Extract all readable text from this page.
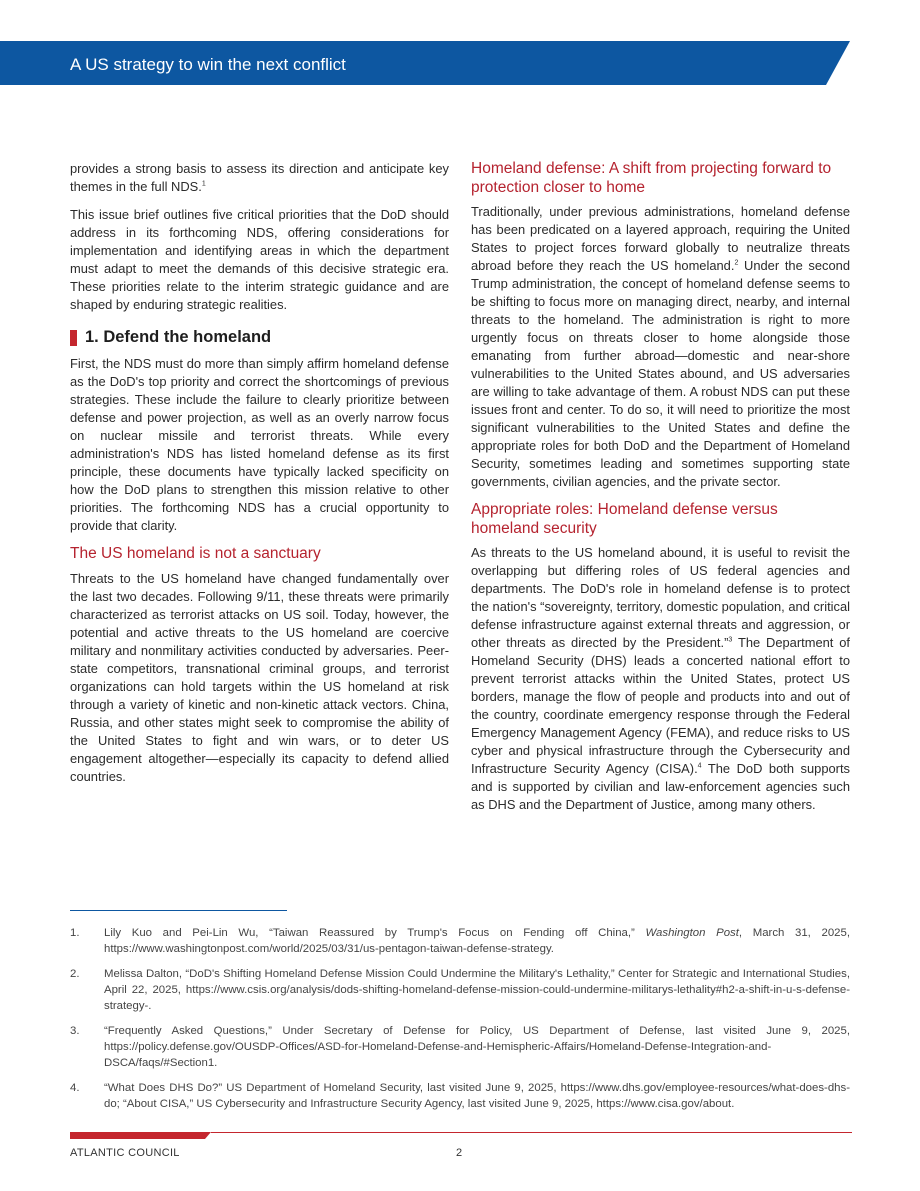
A US strategy to win the next conflict

provides a strong basis to assess its direction and anticipate key themes in the full NDS.$^1$

This issue brief outlines five critical priorities that the DoD should address in its forthcoming NDS, offering considerations for implementation and identifying areas in which the department must adapt to meet the demands of this decisive strategic era. These priorities relate to the interim strategic guidance and are shaped by enduring strategic realities.

1. Defend the homeland

First, the NDS must do more than simply affirm homeland defense as the DoD's top priority and correct the shortcomings of previous strategies. These include the failure to clearly prioritize between defense and power projection, as well as an overly narrow focus on nuclear missile and terrorist threats. While every administration's NDS has listed homeland defense as its first principle, these documents have typically lacked specificity on how the DoD plans to strengthen this mission relative to other priorities. The forthcoming NDS has a crucial opportunity to provide that clarity.

The US homeland is not a sanctuary

Threats to the US homeland have changed fundamentally over the last two decades. Following 9/11, these threats were primarily characterized as terrorist attacks on US soil. Today, however, the potential and active threats to the US homeland are coercive military and nonmilitary activities conducted by adversaries. Peer-state competitors, transnational criminal groups, and terrorist organizations can hold targets within the US homeland at risk through a variety of kinetic and non-kinetic attack vectors. China, Russia, and other states might seek to compromise the ability of the United States to fight and win wars, or to deter US engagement altogether—especially its capacity to defend allied countries.

Homeland defense: A shift from projecting forward to protection closer to home

Traditionally, under previous administrations, homeland defense has been predicated on a layered approach, requiring the United States to project forces forward globally to neutralize threats abroad before they reach the US homeland.$^2$ Under the second Trump administration, the concept of homeland defense seems to be shifting to focus more on managing direct, nearby, and internal threats to the homeland. The administration is right to more urgently focus on threats closer to home alongside those emanating from further abroad—domestic and near-shore vulnerabilities to the United States abound, and US adversaries are willing to take advantage of them. A robust NDS can put these issues front and center. To do so, it will need to prioritize the most significant vulnerabilities to the United States and define the appropriate roles for both DoD and the Department of Homeland Security, sometimes leading and sometimes supporting state governments, civilian agencies, and the private sector.

Appropriate roles: Homeland defense versus homeland security

As threats to the US homeland abound, it is useful to revisit the overlapping but differing roles of US federal agencies and departments. The DoD's role in homeland defense is to protect the nation's “sovereignty, territory, domestic population, and critical defense infrastructure against external threats and aggression, or other threats as directed by the President.”$^3$ The Department of Homeland Security (DHS) leads a concerted national effort to prevent terrorist attacks within the United States, protect US borders, manage the flow of people and products into and out of the country, coordinate emergency response through the Federal Emergency Management Agency (FEMA), and reduce risks to US cyber and physical infrastructure through the Cybersecurity and Infrastructure Security Agency (CISA).$^4$ The DoD both supports and is supported by civilian and law-enforcement agencies such as DHS and the Department of Justice, among many others.

1.	Lily Kuo and Pei-Lin Wu, “Taiwan Reassured by Trump's Focus on Fending off China,” Washington Post, March 31, 2025, https://www.washingtonpost.com/world/2025/03/31/us-pentagon-taiwan-defense-strategy.
2.	Melissa Dalton, “DoD's Shifting Homeland Defense Mission Could Undermine the Military's Lethality,” Center for Strategic and International Studies, April 22, 2025, https://www.csis.org/analysis/dods-shifting-homeland-defense-mission-could-undermine-militarys-lethality#h2-a-shift-in-u-s-defense-strategy-.
3.	“Frequently Asked Questions,” Under Secretary of Defense for Policy, US Department of Defense, last visited June 9, 2025, https://policy.defense.gov/OUSDP-Offices/ASD-for-Homeland-Defense-and-Hemispheric-Affairs/Homeland-Defense-Integration-and-DSCA/faqs/#Section1.
4.	“What Does DHS Do?” US Department of Homeland Security, last visited June 9, 2025, https://www.dhs.gov/employee-resources/what-does-dhs-do; “About CISA,” US Cybersecurity and Infrastructure Security Agency, last visited June 9, 2025, https://www.cisa.gov/about.
ATLANTIC COUNCIL	2
